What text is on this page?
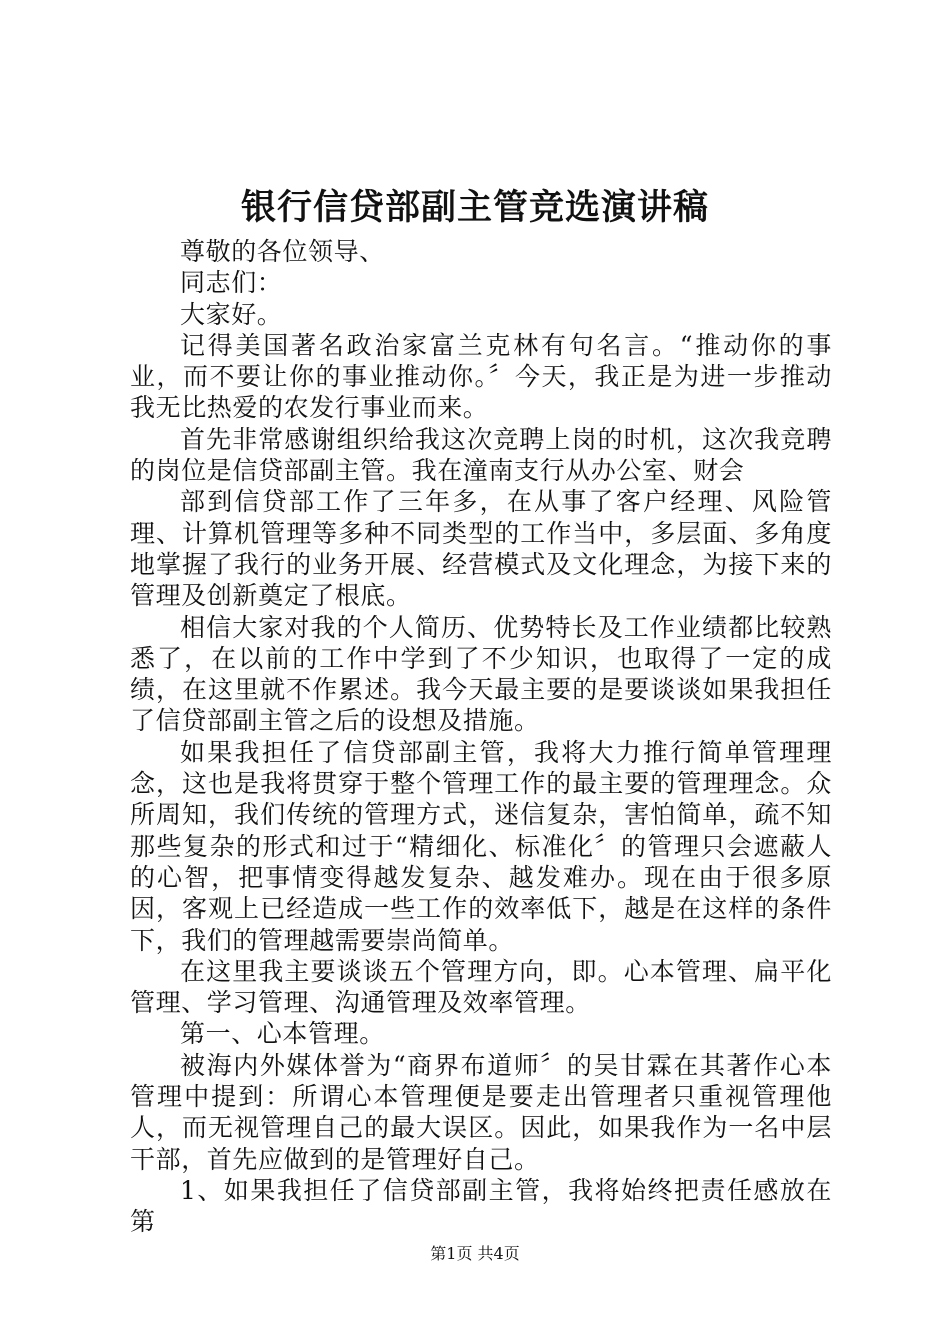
银行信贷部副主管竞选演讲稿

尊敬的各位领导、

同志们：

大家好。

记得美国著名政治家富兰克林有句名言。“推动你的事业，而不要让你的事业推动你。〞今天，我正是为进一步推动我无比热爱的农发行事业而来。

首先非常感谢组织给我这次竞聘上岗的时机，这次我竞聘的岗位是信贷部副主管。我在潼南支行从办公室、财会

部到信贷部工作了三年多，在从事了客户经理、风险管理、计算机管理等多种不同类型的工作当中，多层面、多角度地掌握了我行的业务开展、经营模式及文化理念，为接下来的管理及创新奠定了根底。

相信大家对我的个人简历、优势特长及工作业绩都比较熟悉了，在以前的工作中学到了不少知识，也取得了一定的成绩，在这里就不作累述。我今天最主要的是要谈谈如果我担任了信贷部副主管之后的设想及措施。

如果我担任了信贷部副主管，我将大力推行简单管理理念，这也是我将贯穿于整个管理工作的最主要的管理理念。众所周知，我们传统的管理方式，迷信复杂，害怕简单，疏不知那些复杂的形式和过于“精细化、标准化〞的管理只会遮蔽人的心智，把事情变得越发复杂、越发难办。现在由于很多原因，客观上已经造成一些工作的效率低下，越是在这样的条件下，我们的管理越需要崇尚简单。

在这里我主要谈谈五个管理方向，即。心本管理、扁平化管理、学习管理、沟通管理及效率管理。

第一、心本管理。

被海内外媒体誉为“商界布道师〞的吴甘霖在其著作心本管理中提到：所谓心本管理便是要走出管理者只重视管理他人，而无视管理自己的最大误区。因此，如果我作为一名中层干部，首先应做到的是管理好自己。

1、如果我担任了信贷部副主管，我将始终把责任感放在第

第1页 共4页
